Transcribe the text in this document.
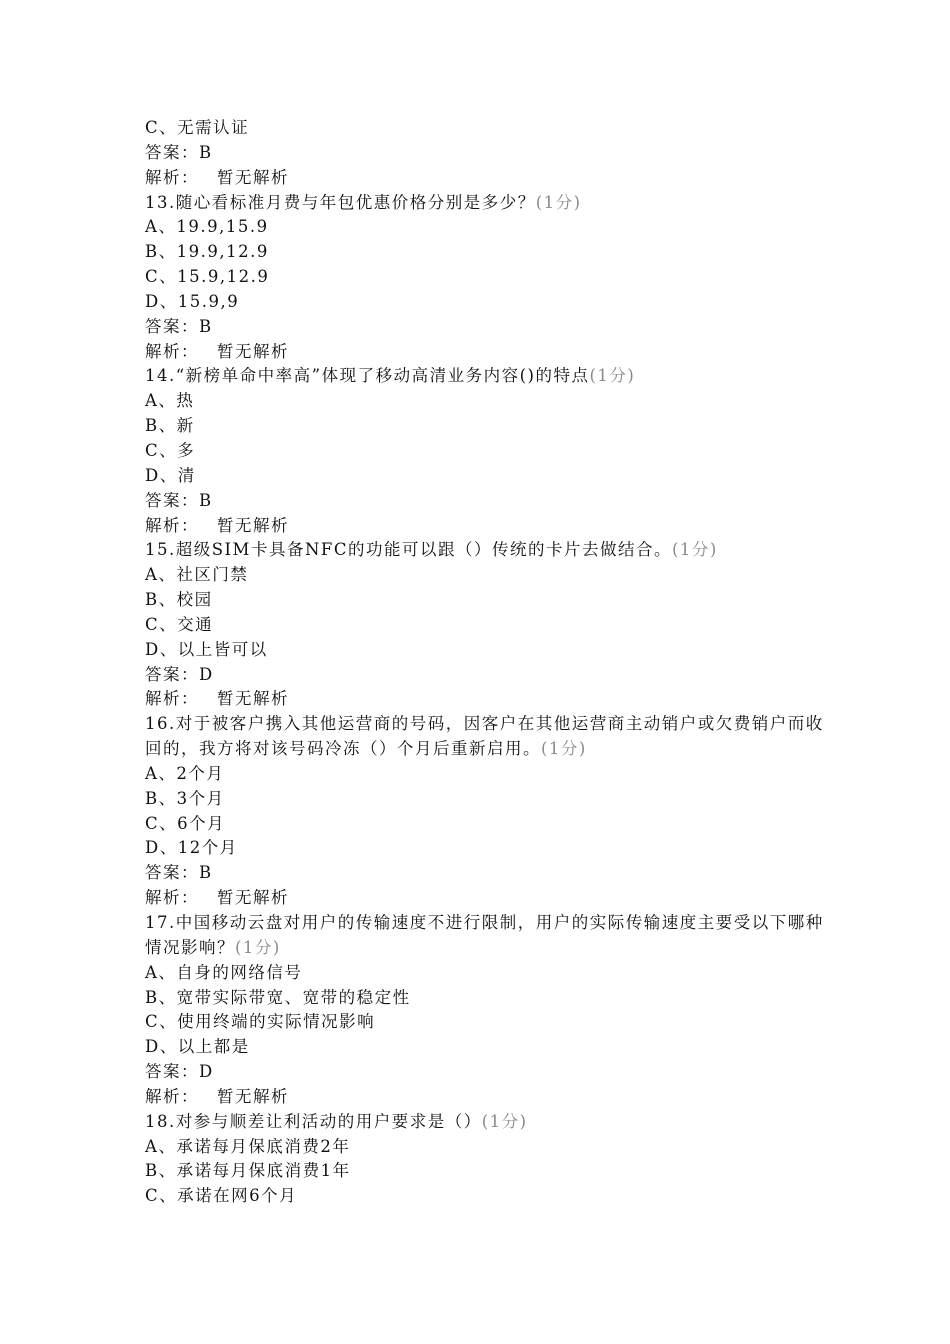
C、无需认证
答案：B
解析： 暂无解析
13.随心看标准月费与年包优惠价格分别是多少？(1分)
A、19.9,15.9
B、19.9,12.9
C、15.9,12.9
D、15.9,9
答案：B
解析： 暂无解析
14.“新榜单命中率高”体现了移动高清业务内容()的特点(1分)
A、热
B、新
C、多
D、清
答案：B
解析： 暂无解析
15.超级SIM卡具备NFC的功能可以跟（）传统的卡片去做结合。(1分)
A、社区门禁
B、校园
C、交通
D、以上皆可以
答案：D
解析： 暂无解析
16.对于被客户携入其他运营商的号码，因客户在其他运营商主动销户或欠费销户而收回的，我方将对该号码冷冻（）个月后重新启用。(1分)
A、2个月
B、3个月
C、6个月
D、12个月
答案：B
解析： 暂无解析
17.中国移动云盘对用户的传输速度不进行限制，用户的实际传输速度主要受以下哪种情况影响？(1分)
A、自身的网络信号
B、宽带实际带宽、宽带的稳定性
C、使用终端的实际情况影响
D、以上都是
答案：D
解析： 暂无解析
18.对参与顺差让利活动的用户要求是（）(1分)
A、承诺每月保底消费2年
B、承诺每月保底消费1年
C、承诺在网6个月
